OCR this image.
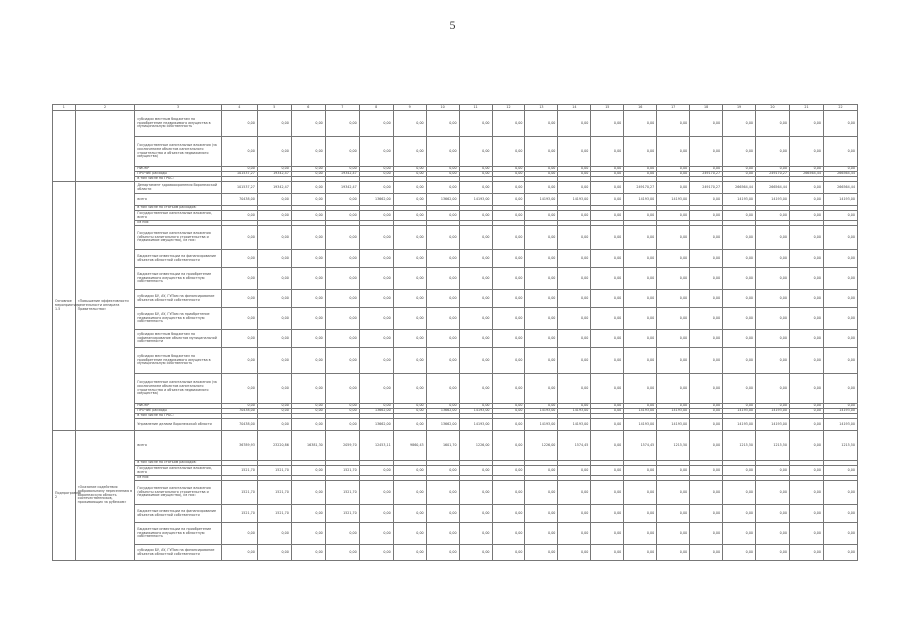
5
1	2	3	4	5	6	7	8	9	10	11	12	13	14	15	16	17	18	19	20	21	22
		субсидии местным бюджетам на приобретение недвижимого имущества в муниципальную собственность	0,00	0,00	0,00	0,00	0,00	0,00	0,00	0,00	0,00	0,00	0,00	0,00	0,00	0,00	0,00	0,00	0,00	0,00	0,00
		Государственные капитальные вложения (за исключением объектов капитального строительства и объектов недвижимого имущества)	0,00	0,00	0,00	0,00	0,00	0,00	0,00	0,00	0,00	0,00	0,00	0,00	0,00	0,00	0,00	0,00	0,00	0,00	0,00
		НИОКР	0,00	0,00	0,00	0,00	0,00	0,00	0,00	0,00	0,00	0,00	0,00	0,00	0,00	0,00	0,00	0,00	0,00	0,00	0,00
		ПРОЧИЕ расходы	101537,27	19342,47	0,00	19342,47	0,00	0,00	0,00	0,00	0,00	0,00	0,00	0,00	0,00	0,00	249170,27	0,00	249170,27	266564,44	266564,44
		в том числе по ГРБС:																			
Основное мероприятие 1.5	«Повышение эффективности деятельности аппарата Правительства»	Департамент здравоохранения Воронежской области	101537,27	19342,47	0,00	19342,47	0,00	0,00	0,00	0,00	0,00	0,00	0,00	0,00	249170,27	0,00	249170,27	266564,44	266564,44	0,00	266564,44
		всего	70438,00	0,00	0,00	0,00	13662,00	0,00	13662,00	14193,00	0,00	14193,00	14193,00	0,00	14193,00	14193,00	0,00	14193,00	14193,00	0,00	14193,00
		в том числе по статьям расходов:																			
		Государственные капитальные вложения, всего	0,00	0,00	0,00	0,00	0,00	0,00	0,00	0,00	0,00	0,00	0,00	0,00	0,00	0,00	0,00	0,00	0,00	0,00	0,00
		из них																			
		Государственные капитальные вложения (объекты капитального строительства и недвижимое имущество), из них:	0,00	0,00	0,00	0,00	0,00	0,00	0,00	0,00	0,00	0,00	0,00	0,00	0,00	0,00	0,00	0,00	0,00	0,00	0,00
		Бюджетные инвестиции на финансирование объектов областной собственности	0,00	0,00	0,00	0,00	0,00	0,00	0,00	0,00	0,00	0,00	0,00	0,00	0,00	0,00	0,00	0,00	0,00	0,00	0,00
		Бюджетные инвестиции на приобретение недвижимого имущества в областную собственность	0,00	0,00	0,00	0,00	0,00	0,00	0,00	0,00	0,00	0,00	0,00	0,00	0,00	0,00	0,00	0,00	0,00	0,00	0,00
		субсидии БУ, АУ, ГУПам на финансирование объектов областной собственности	0,00	0,00	0,00	0,00	0,00	0,00	0,00	0,00	0,00	0,00	0,00	0,00	0,00	0,00	0,00	0,00	0,00	0,00	0,00
		субсидии БУ, АУ, ГУПам на приобретение недвижимого имущества в областную собственность	0,00	0,00	0,00	0,00	0,00	0,00	0,00	0,00	0,00	0,00	0,00	0,00	0,00	0,00	0,00	0,00	0,00	0,00	0,00
		субсидии местным бюджетам на софинансирование объектов муниципальной собственности	0,00	0,00	0,00	0,00	0,00	0,00	0,00	0,00	0,00	0,00	0,00	0,00	0,00	0,00	0,00	0,00	0,00	0,00	0,00
		субсидии местным бюджетам на приобретение недвижимого имущества в муниципальную собственность	0,00	0,00	0,00	0,00	0,00	0,00	0,00	0,00	0,00	0,00	0,00	0,00	0,00	0,00	0,00	0,00	0,00	0,00	0,00
		Государственные капитальные вложения (за исключением объектов капитального строительства и объектов недвижимого имущества)	0,00	0,00	0,00	0,00	0,00	0,00	0,00	0,00	0,00	0,00	0,00	0,00	0,00	0,00	0,00	0,00	0,00	0,00	0,00
		НИОКР	0,00	0,00	0,00	0,00	0,00	0,00	0,00	0,00	0,00	0,00	0,00	0,00	0,00	0,00	0,00	0,00	0,00	0,00	0,00
		ПРОЧИЕ расходы	70438,00	0,00	0,00	0,00	13662,00	0,00	13662,00	14193,00	0,00	14193,00	14193,00	0,00	14193,00	14193,00	0,00	14193,00	14193,00	0,00	14193,00
		в том числе по ГРБС:																			
		Управление делами Воронежской области	70438,00	0,00	0,00	0,00	13662,00	0,00	13662,00	14193,00	0,00	14193,00	14193,00	0,00	14193,00	14193,00	0,00	14193,00	14193,00	0,00	14193,00
Подпрограмма 2	«Оказание содействия добровольному переселению в Воронежскую область соотечественников, проживающих за рубежом»	всего	36789,93	23220,86	16381,30	2059,70	12453,11	9860,43	1601,70	1226,00	0,00	1226,00	1574,45	0,00	1574,45	1215,50	0,00	1215,50	1215,50	0,00	1215,50
		в том числе по статьям расходов:																			
		Государственные капитальные вложения, всего	1521,70	1521,70	0,00	1521,70	0,00	0,00	0,00	0,00	0,00	0,00	0,00	0,00	0,00	0,00	0,00	0,00	0,00	0,00	0,00
		из них																			
		Государственные капитальные вложения (объекты капитального строительства и недвижимое имущество), из них:	1521,70	1521,70	0,00	1521,70	0,00	0,00	0,00	0,00	0,00	0,00	0,00	0,00	0,00	0,00	0,00	0,00	0,00	0,00	0,00
		Бюджетные инвестиции на финансирование объектов областной собственности	1521,70	1521,70	0,00	1521,70	0,00	0,00	0,00	0,00	0,00	0,00	0,00	0,00	0,00	0,00	0,00	0,00	0,00	0,00	0,00
		Бюджетные инвестиции на приобретение недвижимого имущества в областную собственность	0,00	0,00	0,00	0,00	0,00	0,00	0,00	0,00	0,00	0,00	0,00	0,00	0,00	0,00	0,00	0,00	0,00	0,00	0,00
		субсидии БУ, АУ, ГУПам на финансирование объектов областной собственности	0,00	0,00	0,00	0,00	0,00	0,00	0,00	0,00	0,00	0,00	0,00	0,00	0,00	0,00	0,00	0,00	0,00	0,00	0,00
